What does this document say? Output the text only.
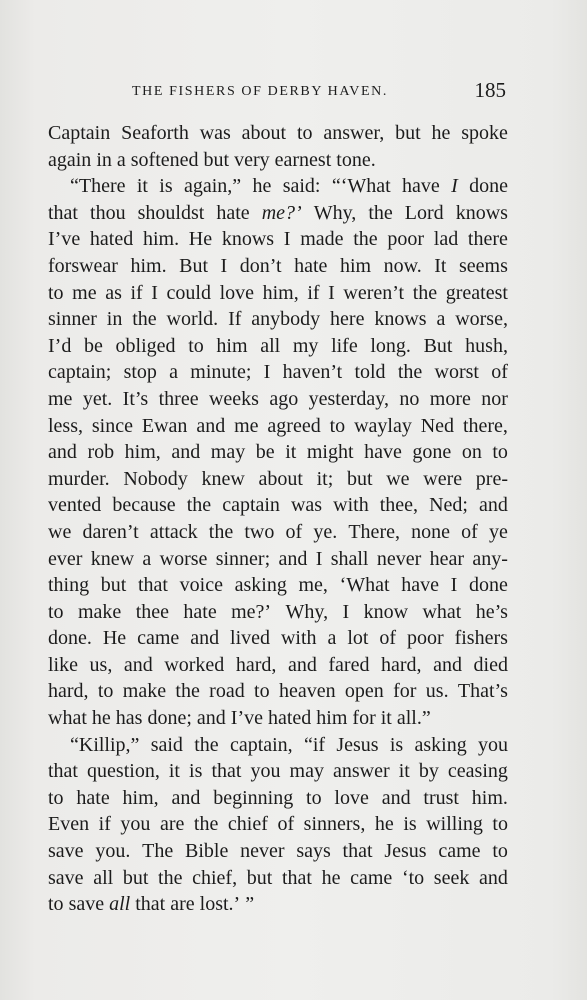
THE FISHERS OF DERBY HAVEN.	185
Captain Seaforth was about to answer, but he spoke
again in a softened but very earnest tone.
“There it is again,” he said: “‘What have I done
that thou shouldst hate me?’ Why, the Lord knows
I’ve hated him. He knows I made the poor lad there
forswear him. But I don’t hate him now. It seems
to me as if I could love him, if I weren’t the greatest
sinner in the world. If anybody here knows a worse,
I’d be obliged to him all my life long. But hush,
captain; stop a minute; I haven’t told the worst of
me yet. It’s three weeks ago yesterday, no more nor
less, since Ewan and me agreed to waylay Ned there,
and rob him, and may be it might have gone on to
murder. Nobody knew about it; but we were pre-
vented because the captain was with thee, Ned; and
we daren’t attack the two of ye. There, none of ye
ever knew a worse sinner; and I shall never hear any-
thing but that voice asking me, ‘What have I done
to make thee hate me?’ Why, I know what he’s
done. He came and lived with a lot of poor fishers
like us, and worked hard, and fared hard, and died
hard, to make the road to heaven open for us. That’s
what he has done; and I’ve hated him for it all.”
“Killip,” said the captain, “if Jesus is asking you
that question, it is that you may answer it by ceasing
to hate him, and beginning to love and trust him.
Even if you are the chief of sinners, he is willing to
save you. The Bible never says that Jesus came to
save all but the chief, but that he came ‘to seek and
to save all that are lost.’ ”
